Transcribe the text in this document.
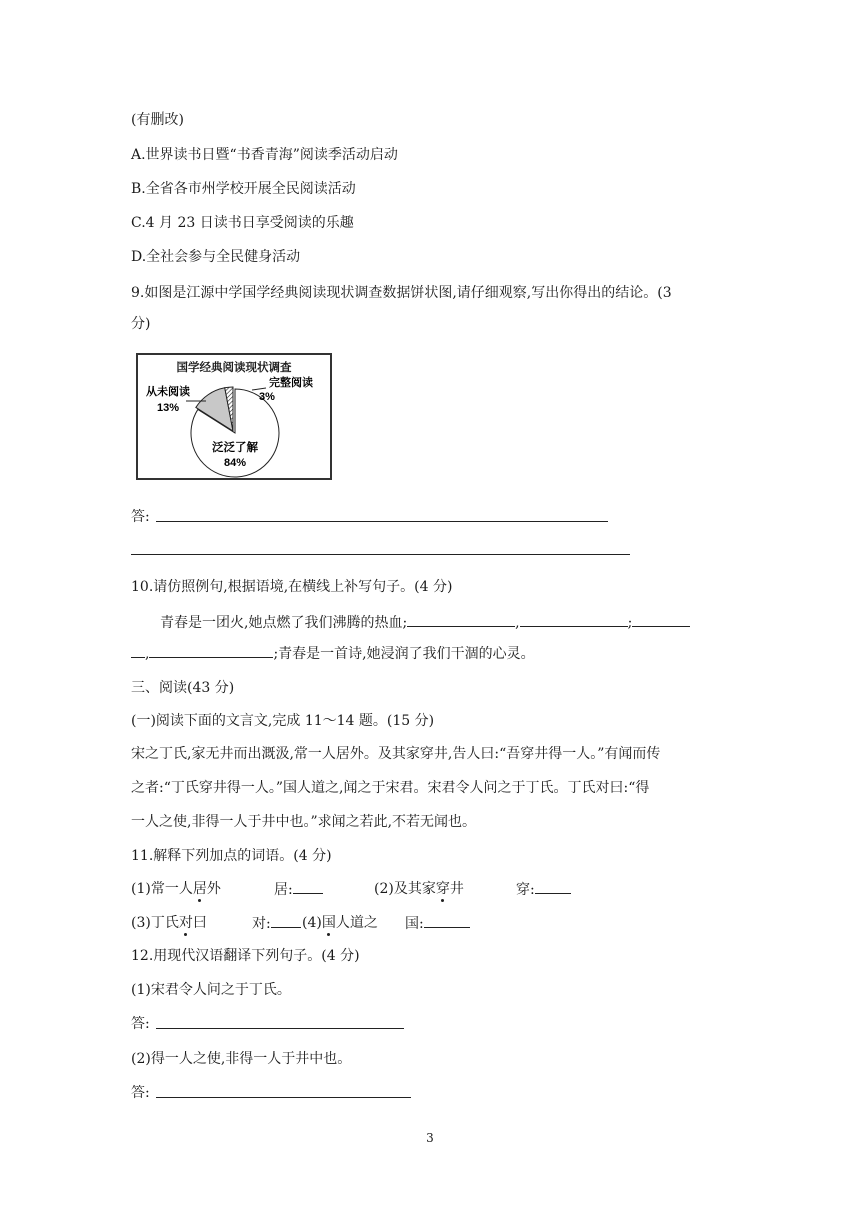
(有删改)
A.世界读书日暨“书香青海”阅读季活动启动
B.全省各市州学校开展全民阅读活动
C.4 月 23 日读书日享受阅读的乐趣
D.全社会参与全民健身活动
9.如图是江源中学国学经典阅读现状调查数据饼状图,请仔细观察,写出你得出的结论。(3
分)
国学经典阅读现状调查
从未阅读
13%
完整阅读
3%
泛泛了解
84%
答:
10.请仿照例句,根据语境,在横线上补写句子。(4 分)
青春是一团火,她点燃了我们沸腾的热血;	,	;
,	;青春是一首诗,她浸润了我们干涸的心灵。
三、阅读(43 分)
(一)阅读下面的文言文,完成 11～14 题。(15 分)
宋之丁氏,家无井而出溉汲,常一人居外。及其家穿井,告人曰:“吾穿井得一人。”有闻而传
之者:“丁氏穿井得一人。”国人道之,闻之于宋君。宋君令人问之于丁氏。丁氏对曰:“得
一人之使,非得一人于井中也。”求闻之若此,不若无闻也。
11.解释下列加点的词语。(4 分)
(1)常一人居外	居:	(2)及其家穿井	穿:
(3)丁氏对曰	对:	(4)国人道之 国:
12.用现代汉语翻译下列句子。(4 分)
(1)宋君令人问之于丁氏。
答:
(2)得一人之使,非得一人于井中也。
答:
3
